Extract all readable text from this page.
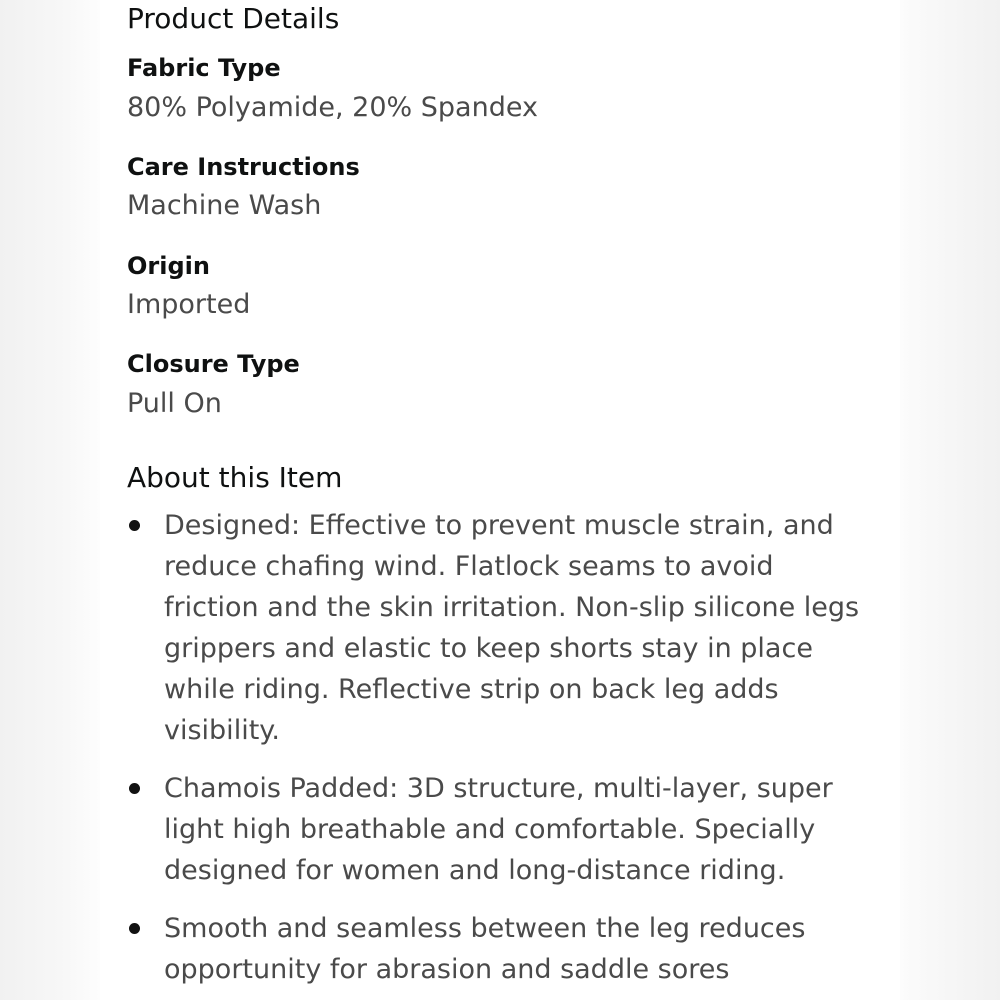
Product Details
Fabric Type
80% Polyamide, 20% Spandex
Care Instructions
Machine Wash
Origin
Imported
Closure Type
Pull On
About this Item
Designed: Effective to prevent muscle strain, and reduce chafing wind. Flatlock seams to avoid friction and the skin irritation. Non-slip silicone legs grippers and elastic to keep shorts stay in place while riding. Reflective strip on back leg adds visibility.
Chamois Padded: 3D structure, multi-layer, super light high breathable and comfortable. Specially designed for women and long-distance riding.
Smooth and seamless between the leg reduces opportunity for abrasion and saddle sores
